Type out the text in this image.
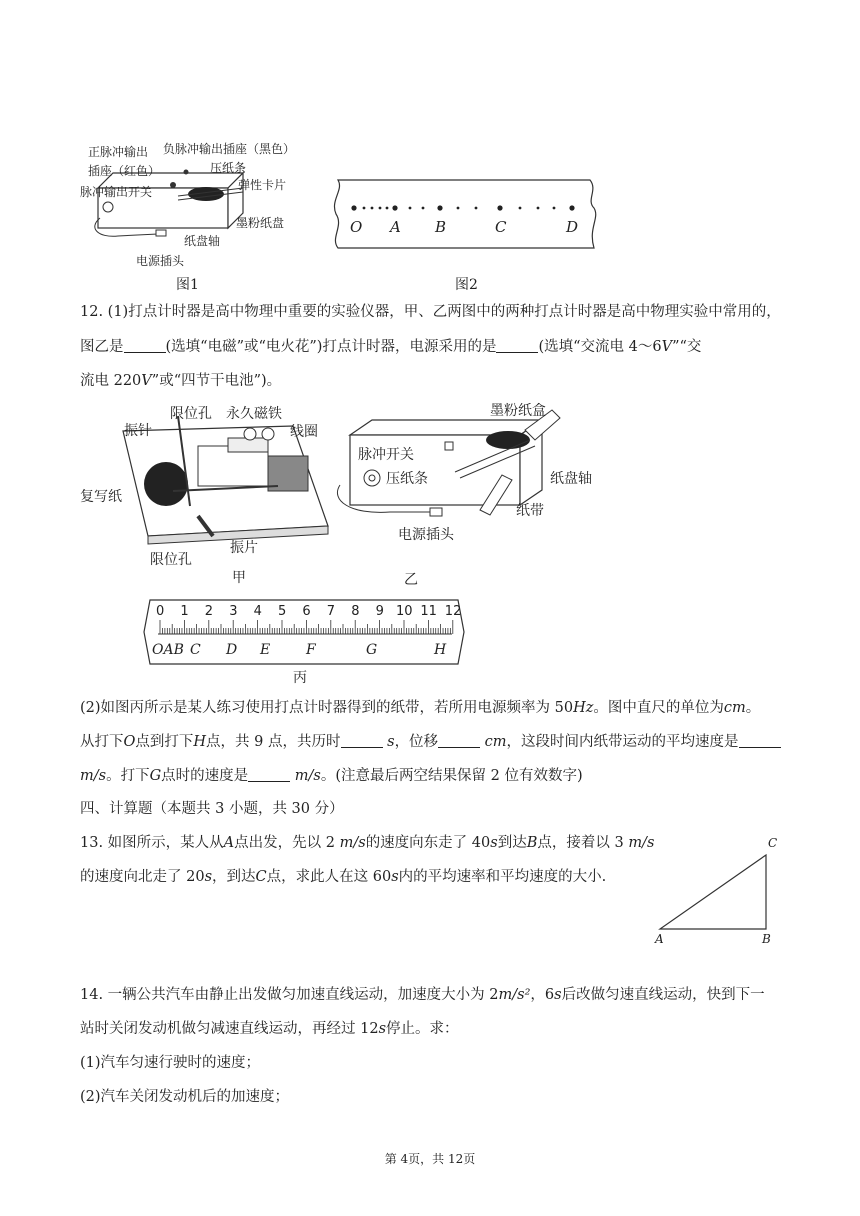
正脉冲输出 负脉冲输出插座（黑色）
压纸条
插座（红色）
弹性卡片
脉冲输出开关
墨粉纸盘
纸盘轴
电源插头
图1
O A B	C	D
图2
12. (1)打点计时器是高中物理中重要的实验仪器，甲、乙两图中的两种打点计时器是高中物理实验中常用的，
图乙是	(选填“电磁”或“电火花”)打点计时器，电源采用的是	(选填“交流电 4～6V”“交
流电 220V”或“四节干电池”)。
振针
限位孔 永久磁铁
线圈
复写纸
振片
限位孔
甲
墨粉纸盒
脉冲开关
压纸条	纸盘轴
纸带
电源插头
乙
0 1 2 3 4 5 6 7 8 9 10 11 12
OAB C D E	F	G	H
丙
(2)如图丙所示是某人练习使用打点计时器得到的纸带，若所用电源频率为 50Hz。图中直尺的单位为cm。
从打下O点到打下H点，共 9 点，共历时	s，位移	cm，这段时间内纸带运动的平均速度是
m/s。打下G点时的速度是	m/s。(注意最后两空结果保留 2 位有效数字)
四、计算题（本题共 3 小题，共 30 分）
13. 如图所示，某人从A点出发，先以 2 m/s的速度向东走了 40s到达B点，接着以 3 m/s
的速度向北走了 20s，到达C点，求此人在这 60s内的平均速率和平均速度的大小.
C
A	B
14. 一辆公共汽车由静止出发做匀加速直线运动，加速度大小为 2m/s²，6s后改做匀速直线运动，快到下一
站时关闭发动机做匀减速直线运动，再经过 12s停止。求：
(1)汽车匀速行驶时的速度；
(2)汽车关闭发动机后的加速度；
第 4页，共 12页
